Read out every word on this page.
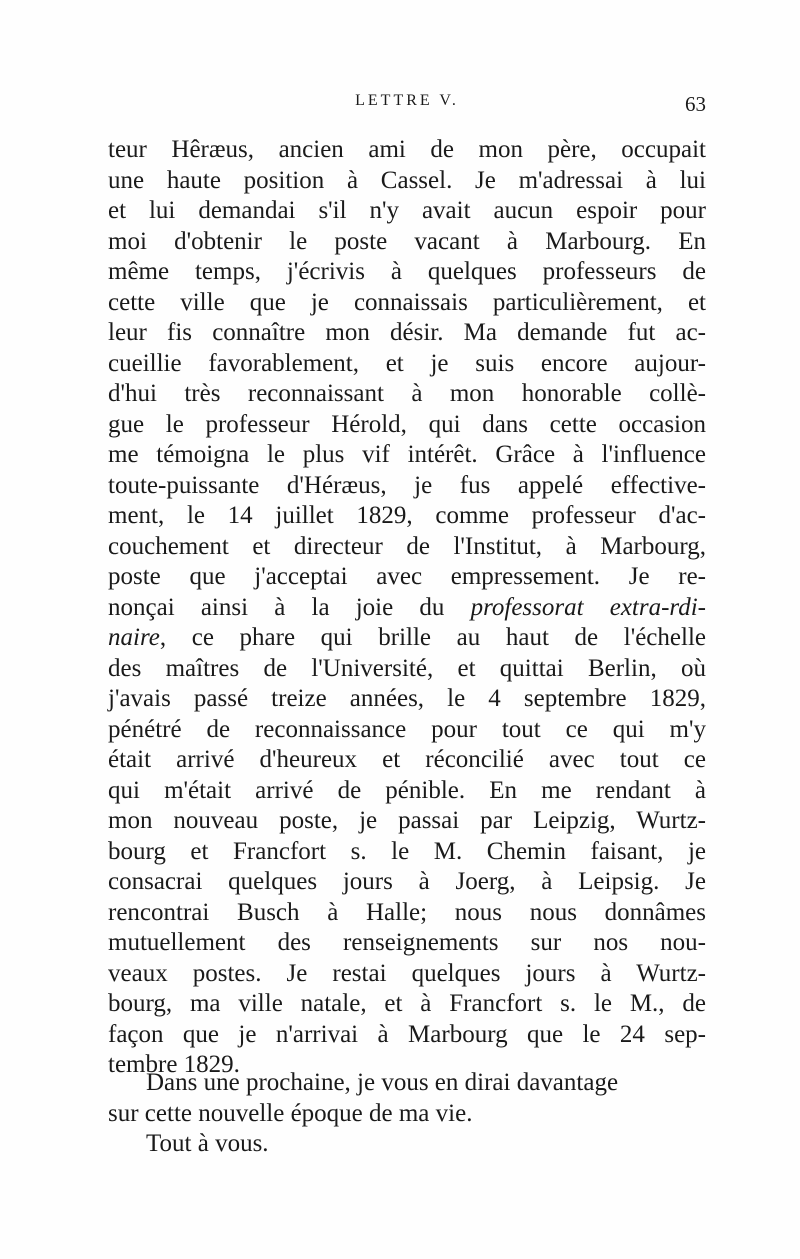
LETTRE V.	63
teur Hêræus, ancien ami de mon père, occupait
une haute position à Cassel. Je m'adressai à lui
et lui demandai s'il n'y avait aucun espoir pour
moi d'obtenir le poste vacant à Marbourg. En
même temps, j'écrivis à quelques professeurs de
cette ville que je connaissais particulièrement, et
leur fis connaître mon désir. Ma demande fut ac-
cueillie favorablement, et je suis encore aujour-
d'hui très reconnaissant à mon honorable collè-
gue le professeur Hérold, qui dans cette occasion
me témoigna le plus vif intérêt. Grâce à l'influence
toute-puissante d'Héræus, je fus appelé effective-
ment, le 14 juillet 1829, comme professeur d'ac-
couchement et directeur de l'Institut, à Marbourg,
poste que j'acceptai avec empressement. Je re-
nonçai ainsi à la joie du professorat extra-rdi-
naire, ce phare qui brille au haut de l'échelle
des maîtres de l'Université, et quittai Berlin, où
j'avais passé treize années, le 4 septembre 1829,
pénétré de reconnaissance pour tout ce qui m'y
était arrivé d'heureux et réconcilié avec tout ce
qui m'était arrivé de pénible. En me rendant à
mon nouveau poste, je passai par Leipzig, Wurtz-
bourg et Francfort s. le M. Chemin faisant, je
consacrai quelques jours à Joerg, à Leipsig. Je
rencontrai Busch à Halle; nous nous donnâmes
mutuellement des renseignements sur nos nou-
veaux postes. Je restai quelques jours à Wurtz-
bourg, ma ville natale, et à Francfort s. le M., de
façon que je n'arrivai à Marbourg que le 24 sep-
tembre 1829.
Dans une prochaine, je vous en dirai davantage
sur cette nouvelle époque de ma vie.
Tout à vous.
